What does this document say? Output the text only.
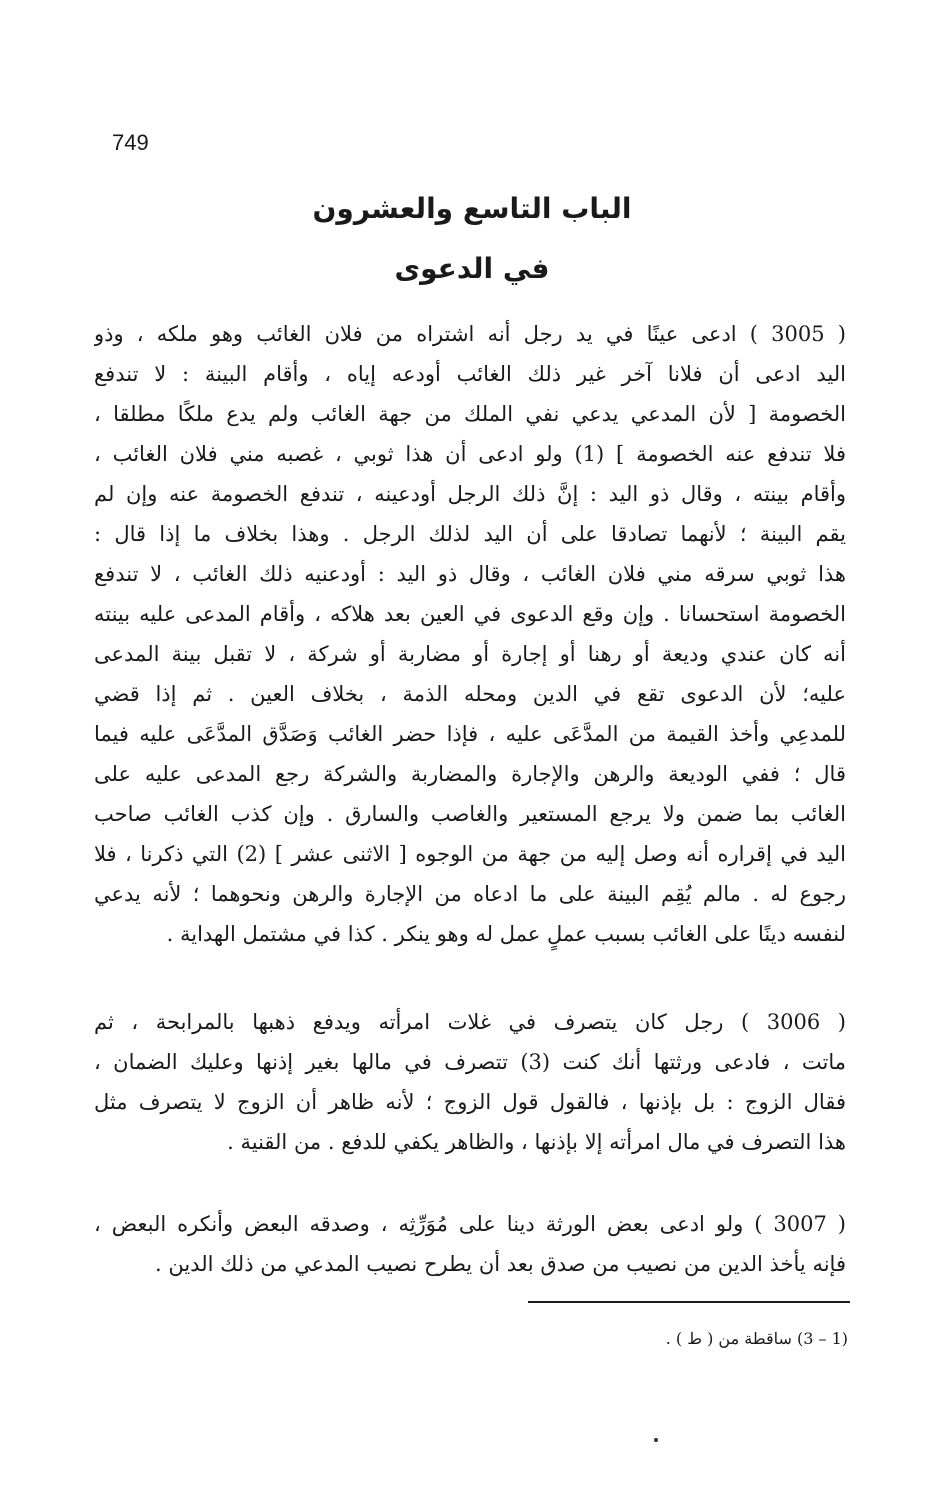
749
الباب التاسع والعشرون
في الدعوى
( 3005 ) ادعى عينًا في يد رجل أنه اشتراه من فلان الغائب وهو ملكه ، وذو
اليد ادعى أن فلانا آخر غير ذلك الغائب أودعه إياه ، وأقام البينة : لا تندفع
الخصومة [ لأن المدعي يدعي نفي الملك من جهة الغائب ولم يدع ملكًا مطلقا ،
فلا تندفع عنه الخصومة ] (1) ولو ادعى أن هذا ثوبي ، غصبه مني فلان الغائب ،
وأقام بينته ، وقال ذو اليد : إنَّ ذلك الرجل أودعينه ، تندفع الخصومة عنه وإن لم
يقم البينة ؛ لأنهما تصادقا على أن اليد لذلك الرجل . وهذا بخلاف ما إذا قال :
هذا ثوبي سرقه مني فلان الغائب ، وقال ذو اليد : أودعنيه ذلك الغائب ، لا تندفع
الخصومة استحسانا . وإن وقع الدعوى في العين بعد هلاكه ، وأقام المدعى عليه بينته
أنه كان عندي وديعة أو رهنا أو إجارة أو مضاربة أو شركة ، لا تقبل بينة المدعى
عليه؛ لأن الدعوى تقع في الدين ومحله الذمة ، بخلاف العين . ثم إذا قضي
للمدعِي وأخذ القيمة من المدَّعَى عليه ، فإذا حضر الغائب وَصَدَّق المدَّعَى عليه فيما
قال ؛ ففي الوديعة والرهن والإجارة والمضاربة والشركة رجع المدعى عليه على
الغائب بما ضمن ولا يرجع المستعير والغاصب والسارق . وإن كذب الغائب صاحب
اليد في إقراره أنه وصل إليه من جهة من الوجوه [ الاثنى عشر ] (2) التي ذكرنا ، فلا
رجوع له . مالم يُقِم البينة على ما ادعاه من الإجارة والرهن ونحوهما ؛ لأنه يدعي
لنفسه دينًا على الغائب بسبب عملٍ عمل له وهو ينكر . كذا في مشتمل الهداية .
( 3006 ) رجل كان يتصرف في غلات امرأته ويدفع ذهبها بالمرابحة ، ثم
ماتت ، فادعى ورثتها أنك كنت (3) تتصرف في مالها بغير إذنها وعليك الضمان ،
فقال الزوج : بل بإذنها ، فالقول قول الزوج ؛ لأنه ظاهر أن الزوج لا يتصرف مثل
هذا التصرف في مال امرأته إلا بإذنها ، والظاهر يكفي للدفع . من القنية .
( 3007 ) ولو ادعى بعض الورثة دينا على مُوَرِّثِه ، وصدقه البعض وأنكره البعض ،
فإنه يأخذ الدين من نصيب من صدق بعد أن يطرح نصيب المدعي من ذلك الدين .
(1 – 3) ساقطة من ( ط ) .
